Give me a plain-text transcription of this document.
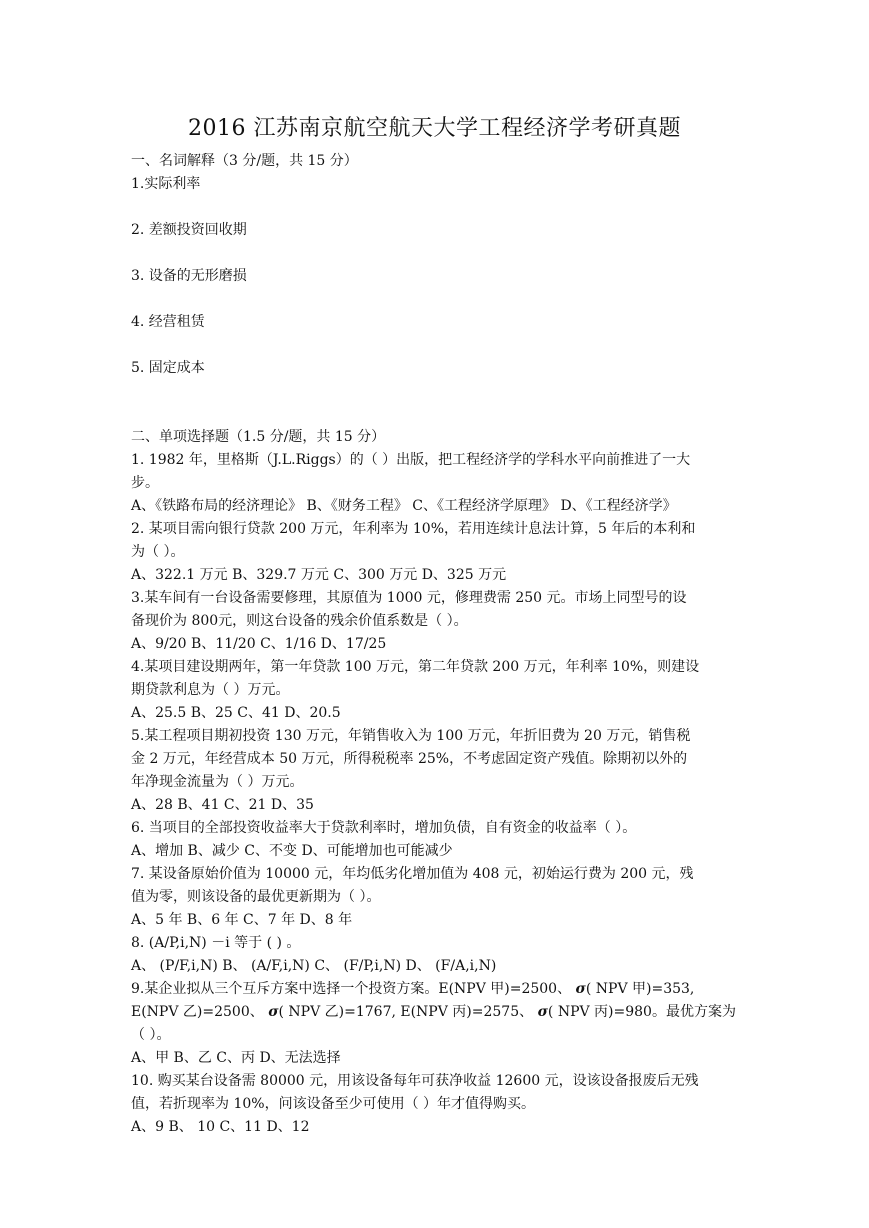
2016 江苏南京航空航天大学工程经济学考研真题
一、名词解释（3 分/题，共 15 分）
1.实际利率
2. 差额投资回收期
3. 设备的无形磨损
4. 经营租赁
5. 固定成本
二、单项选择题（1.5 分/题，共 15 分）
1. 1982 年，里格斯（J.L.Riggs）的（ ）出版，把工程经济学的学科水平向前推进了一大
步。
A、《铁路布局的经济理论》 B、《财务工程》 C、《工程经济学原理》 D、《工程经济学》
2. 某项目需向银行贷款 200 万元，年利率为 10%，若用连续计息法计算，5 年后的本利和
为（ ）。
A、322.1 万元 B、329.7 万元 C、300 万元 D、325 万元
3.某车间有一台设备需要修理，其原值为 1000 元，修理费需 250 元。市场上同型号的设
备现价为 800元，则这台设备的残余价值系数是（ ）。
A、9/20 B、11/20 C、1/16 D、17/25
4.某项目建设期两年，第一年贷款 100 万元，第二年贷款 200 万元，年利率 10%，则建设
期贷款利息为（ ）万元。
A、25.5 B、25 C、41 D、20.5
5.某工程项目期初投资 130 万元，年销售收入为 100 万元，年折旧费为 20 万元，销售税
金 2 万元，年经营成本 50 万元，所得税税率 25%，不考虑固定资产残值。除期初以外的
年净现金流量为（ ）万元。
A、28 B、41 C、21 D、35
6. 当项目的全部投资收益率大于贷款利率时，增加负债，自有资金的收益率（ ）。
A、增加 B、减少 C、不变 D、可能增加也可能减少
7. 某设备原始价值为 10000 元，年均低劣化增加值为 408 元，初始运行费为 200 元，残
值为零，则该设备的最优更新期为（ ）。
A、5 年 B、6 年 C、7 年 D、8 年
8. (A/P,i,N) －i 等于 ( ) 。
A、 (P/F,i,N) B、 (A/F,i,N) C、 (F/P,i,N) D、 (F/A,i,N)
9.某企业拟从三个互斥方案中选择一个投资方案。E(NPV 甲)=2500、 σ( NPV 甲)=353,
E(NPV 乙)=2500、 σ( NPV 乙)=1767, E(NPV 丙)=2575、 σ( NPV 丙)=980。最优方案为
（ ）。
A、甲 B、乙 C、丙 D、无法选择
10. 购买某台设备需 80000 元，用该设备每年可获净收益 12600 元，设该设备报废后无残
值，若折现率为 10%，问该设备至少可使用（ ）年才值得购买。
A、9 B、 10 C、11 D、12
